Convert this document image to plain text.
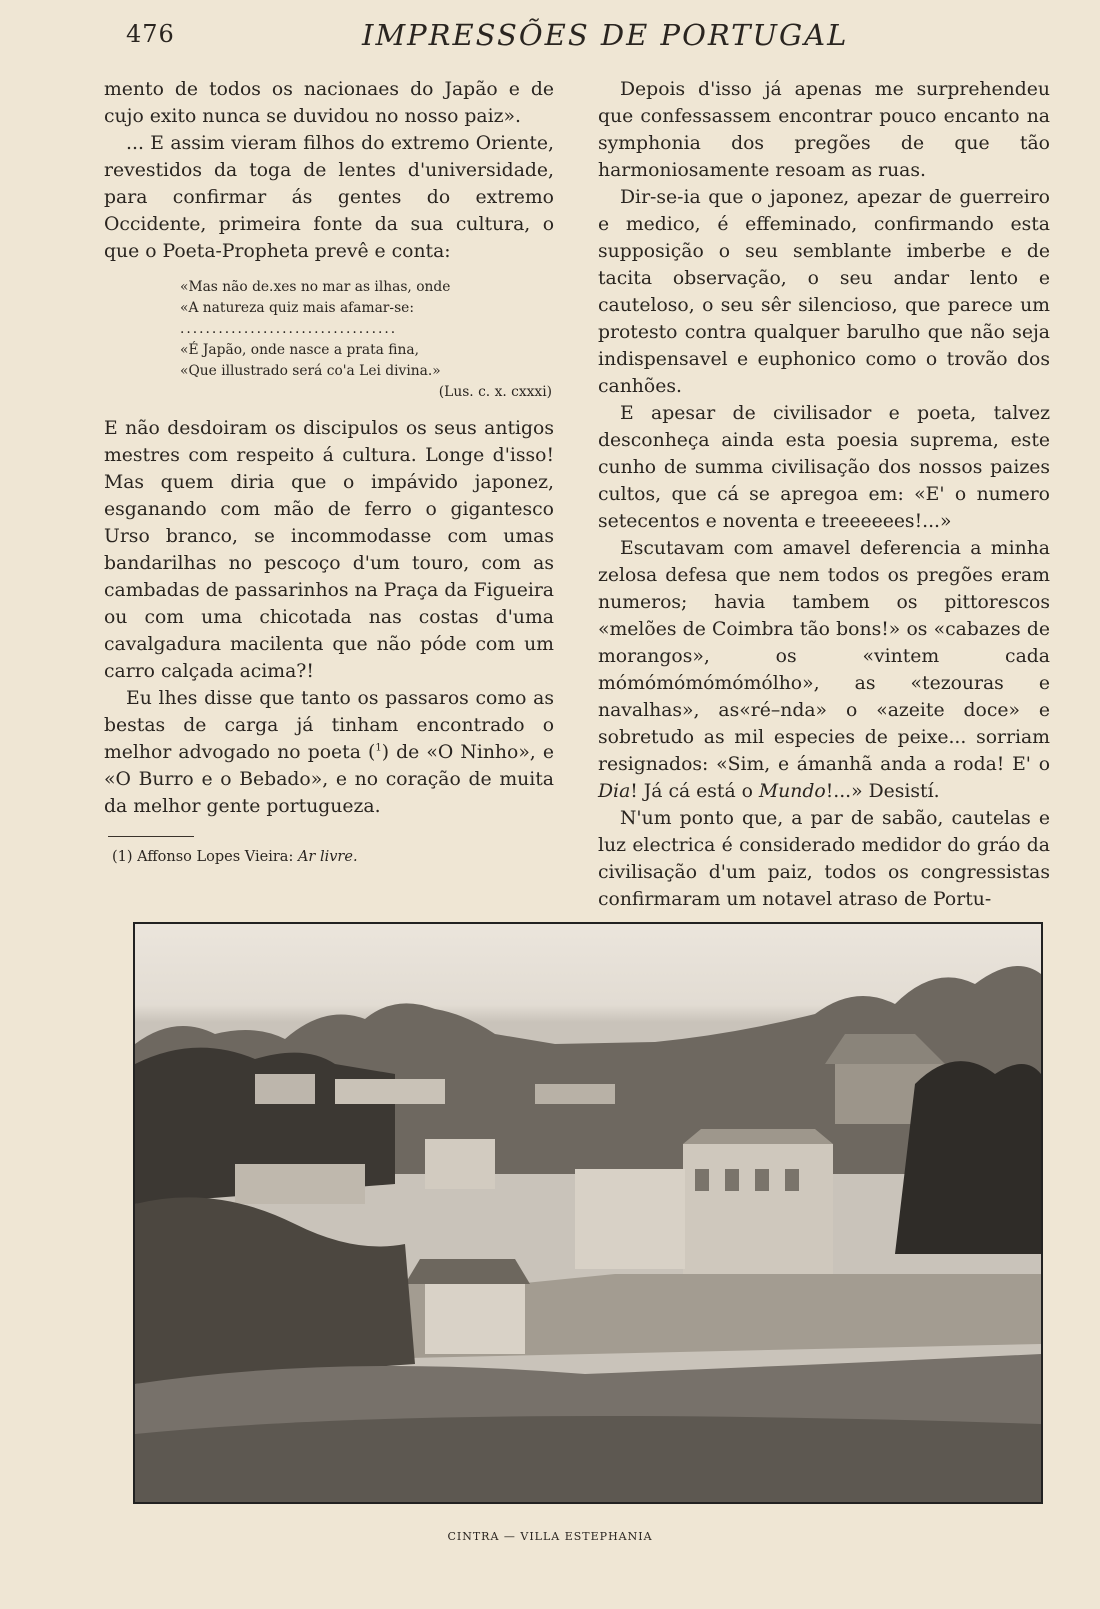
476	IMPRESSÕES DE PORTUGAL

mento de todos os nacionaes do Japão e de cujo exito nunca se duvidou no nosso paiz».

... E assim vieram filhos do extremo Oriente, revestidos da toga de lentes d'universidade, para confirmar ás gentes do extremo Occidente, primeira fonte da sua cultura, o que o Poeta-Propheta prevê e conta:

«Mas não de.xes no mar as ilhas, onde
«A natureza quiz mais afamar-se:
..................................
«É Japão, onde nasce a prata fina,
«Que illustrado será co'a Lei divina.»
(Lus. c. x. cxxxi)

E não desdoiram os discipulos os seus antigos mestres com respeito á cultura. Longe d'isso! Mas quem diria que o impávido japonez, esganando com mão de ferro o gigantesco Urso branco, se incommodasse com umas bandarilhas no pescoço d'um touro, com as cambadas de passarinhos na Praça da Figueira ou com uma chicotada nas costas d'uma cavalgadura macilenta que não póde com um carro calçada acima?!

Eu lhes disse que tanto os passaros como as bestas de carga já tinham encontrado o melhor advogado no poeta ($^1$) de «O Ninho», e «O Burro e o Bebado», e no coração de muita da melhor gente portugueza.

(1) Affonso Lopes Vieira: Ar livre.

Depois d'isso já apenas me surprehendeu que confessassem encontrar pouco encanto na symphonia dos pregões de que tão harmoniosamente resoam as ruas.

Dir-se-ia que o japonez, apezar de guerreiro e medico, é effeminado, confirmando esta supposição o seu semblante imberbe e de tacita observação, o seu andar lento e cauteloso, o seu sêr silencioso, que parece um protesto contra qualquer barulho que não seja indispensavel e euphonico como o trovão dos canhões.

E apesar de civilisador e poeta, talvez desconheça ainda esta poesia suprema, este cunho de summa civilisação dos nossos paizes cultos, que cá se apregoa em: «E' o numero setecentos e noventa e treeeeees!...»

Escutavam com amavel deferencia a minha zelosa defesa que nem todos os pregões eram numeros; havia tambem os pittorescos «melões de Coimbra tão bons!» os «cabazes de morangos», os «vintem cada mómómómómómólho», as «tezouras e navalhas», as«ré–nda» o «azeite doce» e sobretudo as mil especies de peixe... sorriam resignados: «Sim, e ámanhã anda a roda! E' o Dia! Já cá está o Mundo!...» Desistí.

N'um ponto que, a par de sabão, cautelas e luz electrica é considerado medidor do gráo da civilisação d'um paiz, todos os congressistas confirmaram um notavel atraso de Portu-

CINTRA — VILLA ESTEPHANIA
